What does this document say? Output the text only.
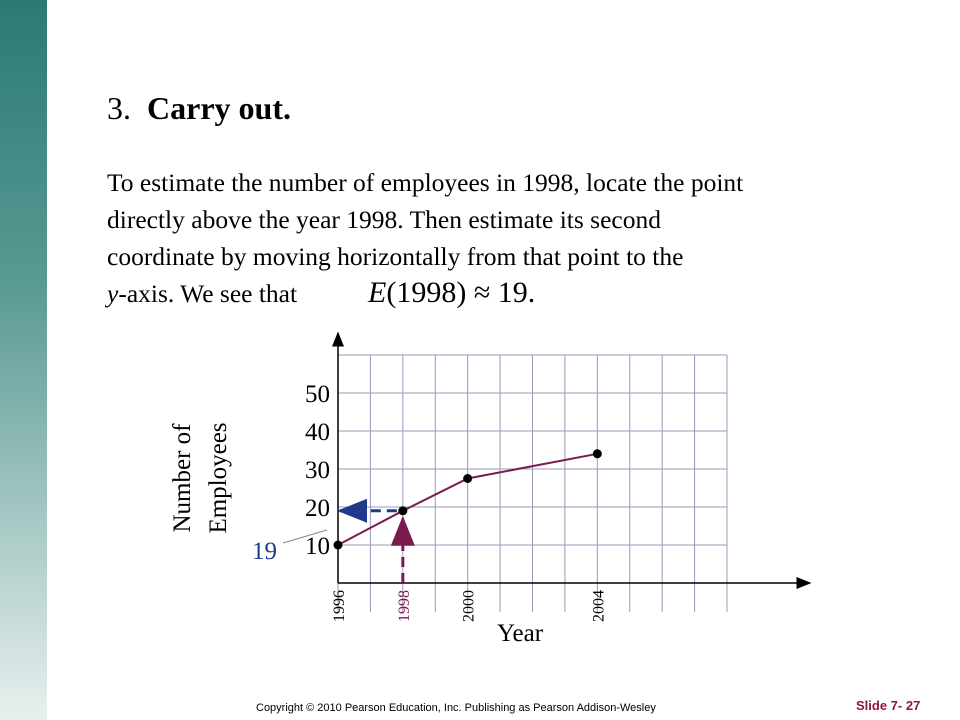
3. Carry out.
To estimate the number of employees in 1998, locate the point
directly above the year 1998. Then estimate its second
coordinate by moving horizontally from that point to the
y-axis. We see that	E(1998) ≈ 19.
Number of Employees
10
20
30
40
50
1996	1998	2000	2004
Year
19
Copyright © 2010 Pearson Education, Inc. Publishing as Pearson Addison-Wesley	Slide 7- 27
